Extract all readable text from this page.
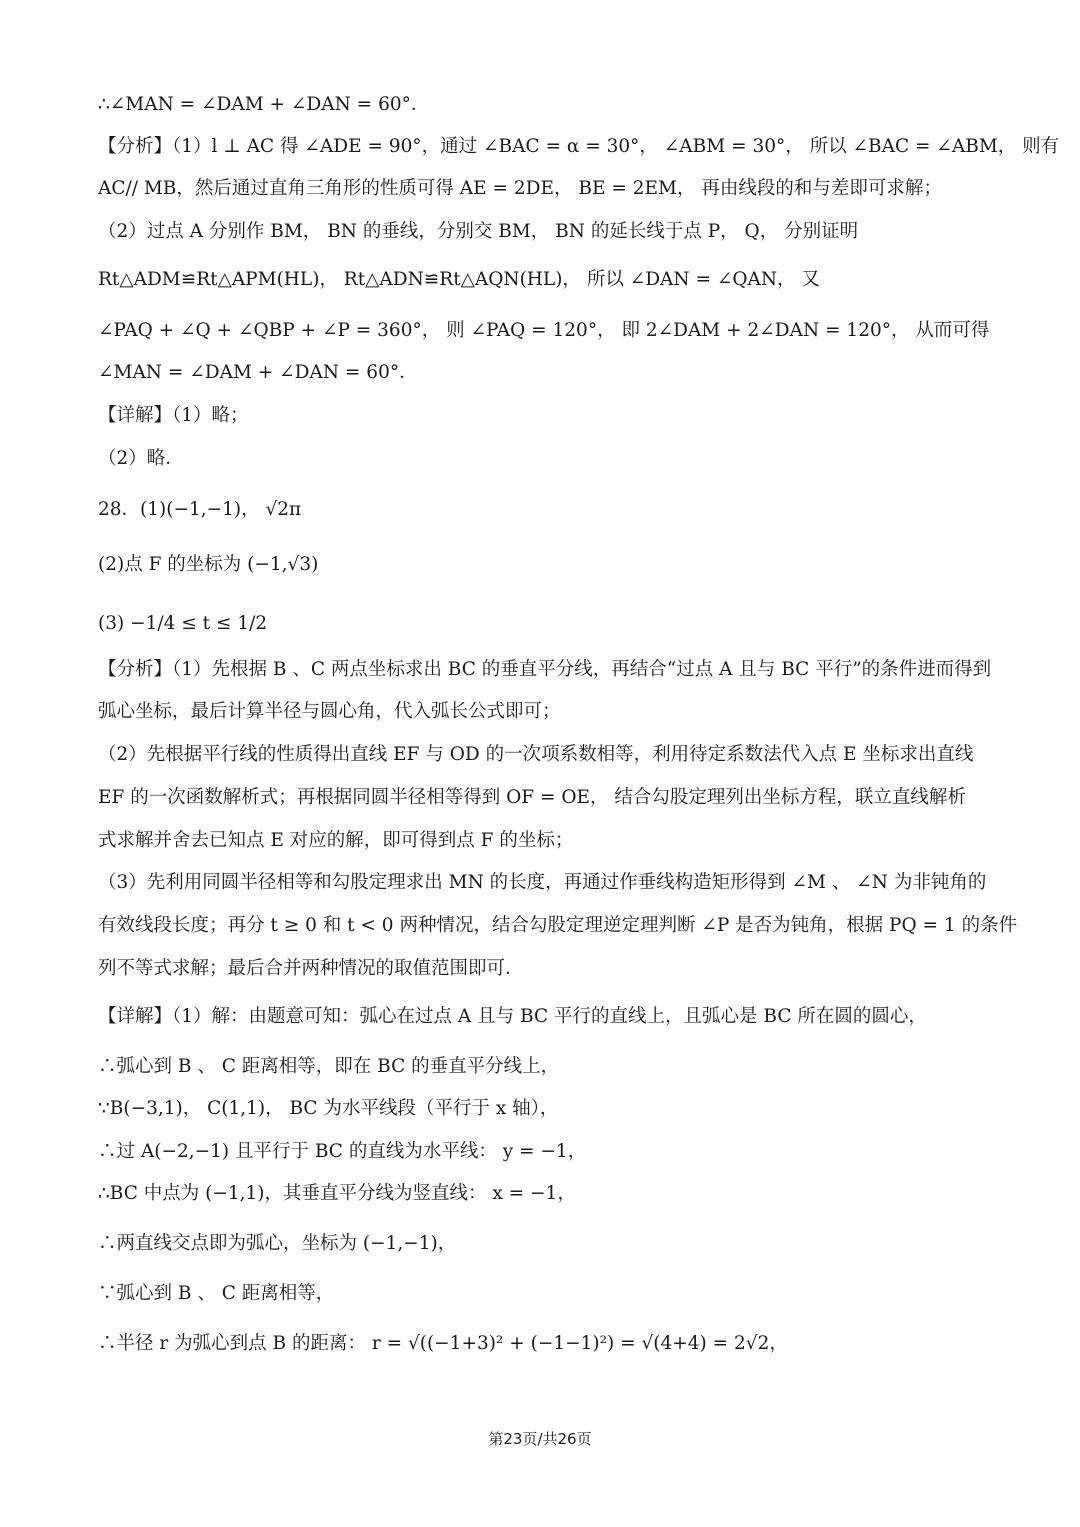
∴∠MAN = ∠DAM + ∠DAN = 60°．
【分析】（1）l ⊥ AC 得 ∠ADE = 90°，通过 ∠BAC = α = 30°， ∠ABM = 30°， 所以 ∠BAC = ∠ABM， 则有
AC// MB，然后通过直角三角形的性质可得 AE = 2DE， BE = 2EM， 再由线段的和与差即可求解；
（2）过点 A 分别作 BM， BN 的垂线，分别交 BM， BN 的延长线于点 P， Q， 分别证明
Rt△ADM≌Rt△APM(HL)， Rt△ADN≌Rt△AQN(HL)， 所以 ∠DAN = ∠QAN， 又
∠PAQ + ∠Q + ∠QBP + ∠P = 360°， 则 ∠PAQ = 120°， 即 2∠DAM + 2∠DAN = 120°， 从而可得
∠MAN = ∠DAM + ∠DAN = 60°．
【详解】（1）略；
（2）略．
28．(1)(−1,−1)， √2π
(2)点 F 的坐标为 (−1,√3)
(3) −1/4 ≤ t ≤ 1/2
【分析】（1）先根据 B 、C 两点坐标求出 BC 的垂直平分线，再结合“过点 A 且与 BC 平行”的条件进而得到
弧心坐标，最后计算半径与圆心角，代入弧长公式即可；
（2）先根据平行线的性质得出直线 EF 与 OD 的一次项系数相等，利用待定系数法代入点 E 坐标求出直线
EF 的一次函数解析式；再根据同圆半径相等得到 OF = OE， 结合勾股定理列出坐标方程，联立直线解析
式求解并舍去已知点 E 对应的解，即可得到点 F 的坐标；
（3）先利用同圆半径相等和勾股定理求出 MN 的长度，再通过作垂线构造矩形得到 ∠M 、 ∠N 为非钝角的
有效线段长度；再分 t ≥ 0 和 t < 0 两种情况，结合勾股定理逆定理判断 ∠P 是否为钝角，根据 PQ = 1 的条件
列不等式求解；最后合并两种情况的取值范围即可．
【详解】（1）解：由题意可知：弧心在过点 A 且与 BC 平行的直线上，且弧心是 BC 所在圆的圆心，
∴弧心到 B 、 C 距离相等，即在 BC 的垂直平分线上，
∵B(−3,1)， C(1,1)， BC 为水平线段（平行于 x 轴），
∴过 A(−2,−1) 且平行于 BC 的直线为水平线： y = −1，
∴BC 中点为 (−1,1)，其垂直平分线为竖直线： x = −1，
∴两直线交点即为弧心，坐标为 (−1,−1)，
∵弧心到 B 、 C 距离相等，
∴半径 r 为弧心到点 B 的距离： r = √((−1+3)² + (−1−1)²) = √(4+4) = 2√2，
第23页/共26页
